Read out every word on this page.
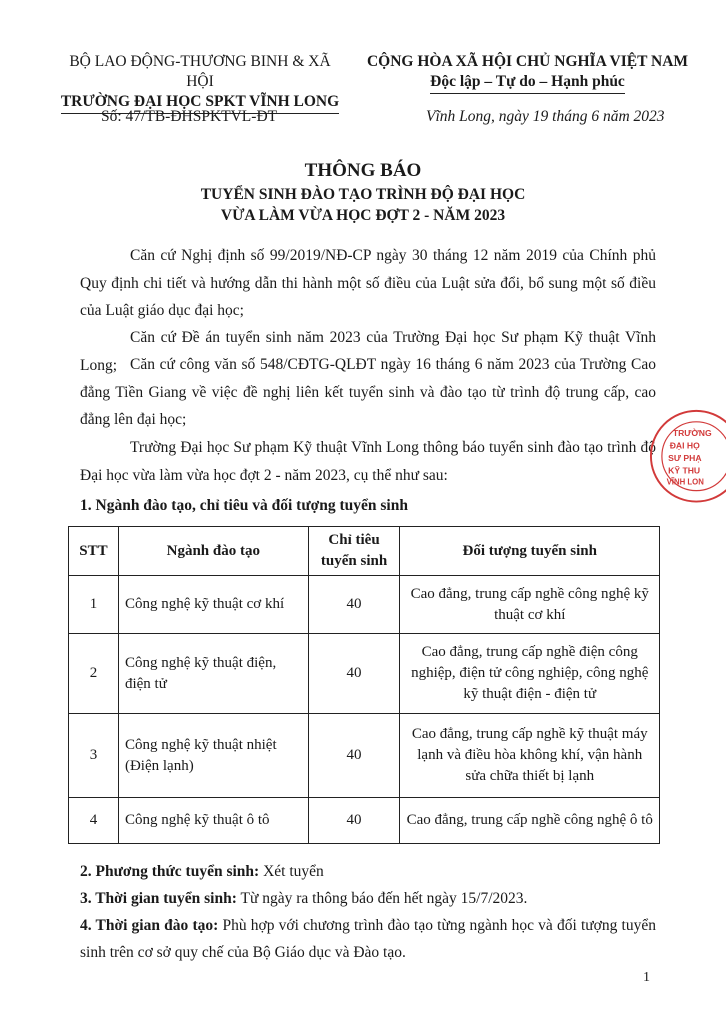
BỘ LAO ĐỘNG-THƯƠNG BINH & XÃ HỘI
TRƯỜNG ĐẠI HỌC SPKT VĨNH LONG
CỘNG HÒA XÃ HỘI CHỦ NGHĨA VIỆT NAM
Độc lập – Tự do – Hạnh phúc
Số: 47/TB-ĐHSPKTVL-ĐT	Vĩnh Long, ngày 19 tháng 6 năm 2023
THÔNG BÁO
TUYỂN SINH ĐÀO TẠO TRÌNH ĐỘ ĐẠI HỌC
VỪA LÀM VỪA HỌC ĐỢT 2 - NĂM 2023
Căn cứ Nghị định số 99/2019/NĐ-CP ngày 30 tháng 12 năm 2019 của Chính phủ Quy định chi tiết và hướng dẫn thi hành một số điều của Luật sửa đổi, bổ sung một số điều của Luật giáo dục đại học;
Căn cứ Đề án tuyển sinh năm 2023 của Trường Đại học Sư phạm Kỹ thuật Vĩnh Long; Căn cứ công văn số 548/CĐTG-QLĐT ngày 16 tháng 6 năm 2023 của Trường Cao đẳng Tiền Giang về việc đề nghị liên kết tuyển sinh và đào tạo từ trình độ trung cấp, cao đẳng lên đại học;
Trường Đại học Sư phạm Kỹ thuật Vĩnh Long thông báo tuyển sinh đào tạo trình độ Đại học vừa làm vừa học đợt 2 - năm 2023, cụ thể như sau:
1. Ngành đào tạo, chỉ tiêu và đối tượng tuyển sinh
STT	Ngành đào tạo	Chỉ tiêu tuyển sinh	Đối tượng tuyển sinh
1	Công nghệ kỹ thuật cơ khí	40	Cao đẳng, trung cấp nghề công nghệ kỹ thuật cơ khí
2	Công nghệ kỹ thuật điện, điện tử	40	Cao đẳng, trung cấp nghề điện công nghiệp, điện tử công nghiệp, công nghệ kỹ thuật điện - điện tử
3	Công nghệ kỹ thuật nhiệt (Điện lạnh)	40	Cao đẳng, trung cấp nghề kỹ thuật máy lạnh và điều hòa không khí, vận hành sửa chữa thiết bị lạnh
4	Công nghệ kỹ thuật ô tô	40	Cao đẳng, trung cấp nghề công nghệ ô tô
2. Phương thức tuyển sinh: Xét tuyển
3. Thời gian tuyển sinh: Từ ngày ra thông báo đến hết ngày 15/7/2023.
4. Thời gian đào tạo: Phù hợp với chương trình đào tạo từng ngành học và đối tượng tuyển sinh trên cơ sở quy chế của Bộ Giáo dục và Đào tạo.
1
TRƯỜNG
ĐẠI HỌ
SƯ PHẠ
KỸ THU
VĨNH LON
